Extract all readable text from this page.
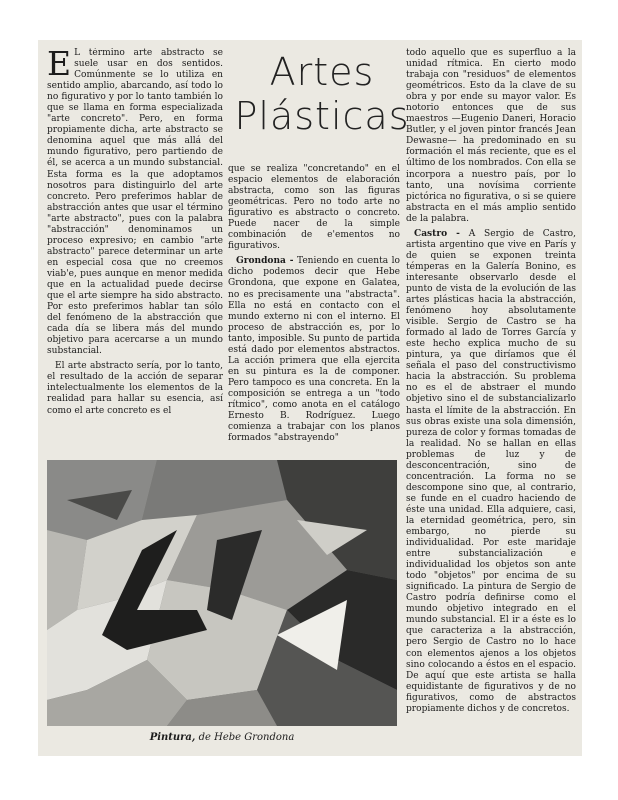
Artes
Plásticas

E L término arte abstracto se suele usar en dos sentidos. Comúnmente se lo utiliza en sentido amplio, abarcando, así todo lo no figurativo y por lo tanto también lo que se llama en forma especializada "arte concreto". Pero, en forma propiamente dicha, arte abstracto se denomina aquel que más allá del mundo figurativo, pero partiendo de él, se acerca a un mundo substancial. Esta forma es la que adoptamos nosotros para distinguirlo del arte concreto. Pero preferimos hablar de abstracción antes que usar el término "arte abstracto", pues con la palabra "abstracción" denominamos un proceso expresivo; en cambio "arte abstracto" parece determinar un arte en especial cosa que no creemos viab'e, pues aunque en menor medida que en la actualidad puede decirse que el arte siempre ha sido abstracto. Por esto preferimos hablar tan sólo del fenómeno de la abstracción que cada día se libera más del mundo objetivo para acercarse a un mundo substancial.

El arte abstracto sería, por lo tanto, el resultado de la acción de separar intelectualmente los elementos de la realidad para hallar su esencia, así como el arte concreto es el

que se realiza "concretando" en el espacio elementos de elaboración abstracta, como son las figuras geométricas. Pero no todo arte no figurativo es abstracto o concreto. Puede nacer de la simple combinación de e'ementos no figurativos.

Grondona - Teniendo en cuenta lo dicho podemos decir que Hebe Grondona, que expone en Galatea, no es precisamente una "abstracta". Ella no está en contacto con el mundo externo ni con el interno. El proceso de abstracción es, por lo tanto, imposible. Su punto de partida está dado por elementos abstractos. La acción primera que ella ejercita en su pintura es la de componer. Pero tampoco es una concreta. En la composición se entrega a un "todo rítmico", como anota en el catálogo Ernesto B. Rodríguez. Luego comienza a trabajar con los planos formados "abstrayendo"

todo aquello que es superfluo a la unidad rítmica. En cierto modo trabaja con "residuos" de elementos geométricos. Esto da la clave de su obra y por ende su mayor valor. Es notorio entonces que de sus maestros —Eugenio Daneri, Horacio Butler, y el joven pintor francés Jean Dewasne— ha predominado en su formación el más reciente, que es el último de los nombrados. Con ella se incorpora a nuestro país, por lo tanto, una novísima corriente pictórica no figurativa, o si se quiere abstracta en el más amplio sentido de la palabra.

Castro - A Sergio de Castro, artista argentino que vive en París y de quien se exponen treinta témperas en la Galería Bonino, es interesante observarlo desde el punto de vista de la evolución de las artes plásticas hacia la abstracción, fenómeno hoy absolutamente visible. Sergio de Castro se ha formado al lado de Torres García y este hecho explica mucho de su pintura, ya que diríamos que él señala el paso del constructivismo hacia la abstracción. Su problema no es el de abstraer el mundo objetivo sino el de substancializarlo hasta el límite de la abstracción. En sus obras existe una sola dimensión, pureza de color y formas tomadas de la realidad. No se hallan en ellas problemas de luz y de desconcentración, sino de concentración. La forma no se descompone sino que, al contrario, se funde en el cuadro haciendo de éste una unidad. Ella adquiere, casi, la eternidad geométrica, pero, sin embargo, no pierde su individualidad. Por este maridaje entre substancialización e individualidad los objetos son ante todo "objetos" por encima de su significado. La pintura de Sergio de Castro podría definirse como el mundo objetivo integrado en el mundo substancial. El ir a éste es lo que caracteriza a la abstracción, pero Sergio de Castro no lo hace con elementos ajenos a los objetos sino colocando a éstos en el espacio. De aquí que este artista se halla equidistante de figurativos y de no figurativos, como de abstractos propiamente dichos y de concretos.

Pintura, de Hebe Grondona
